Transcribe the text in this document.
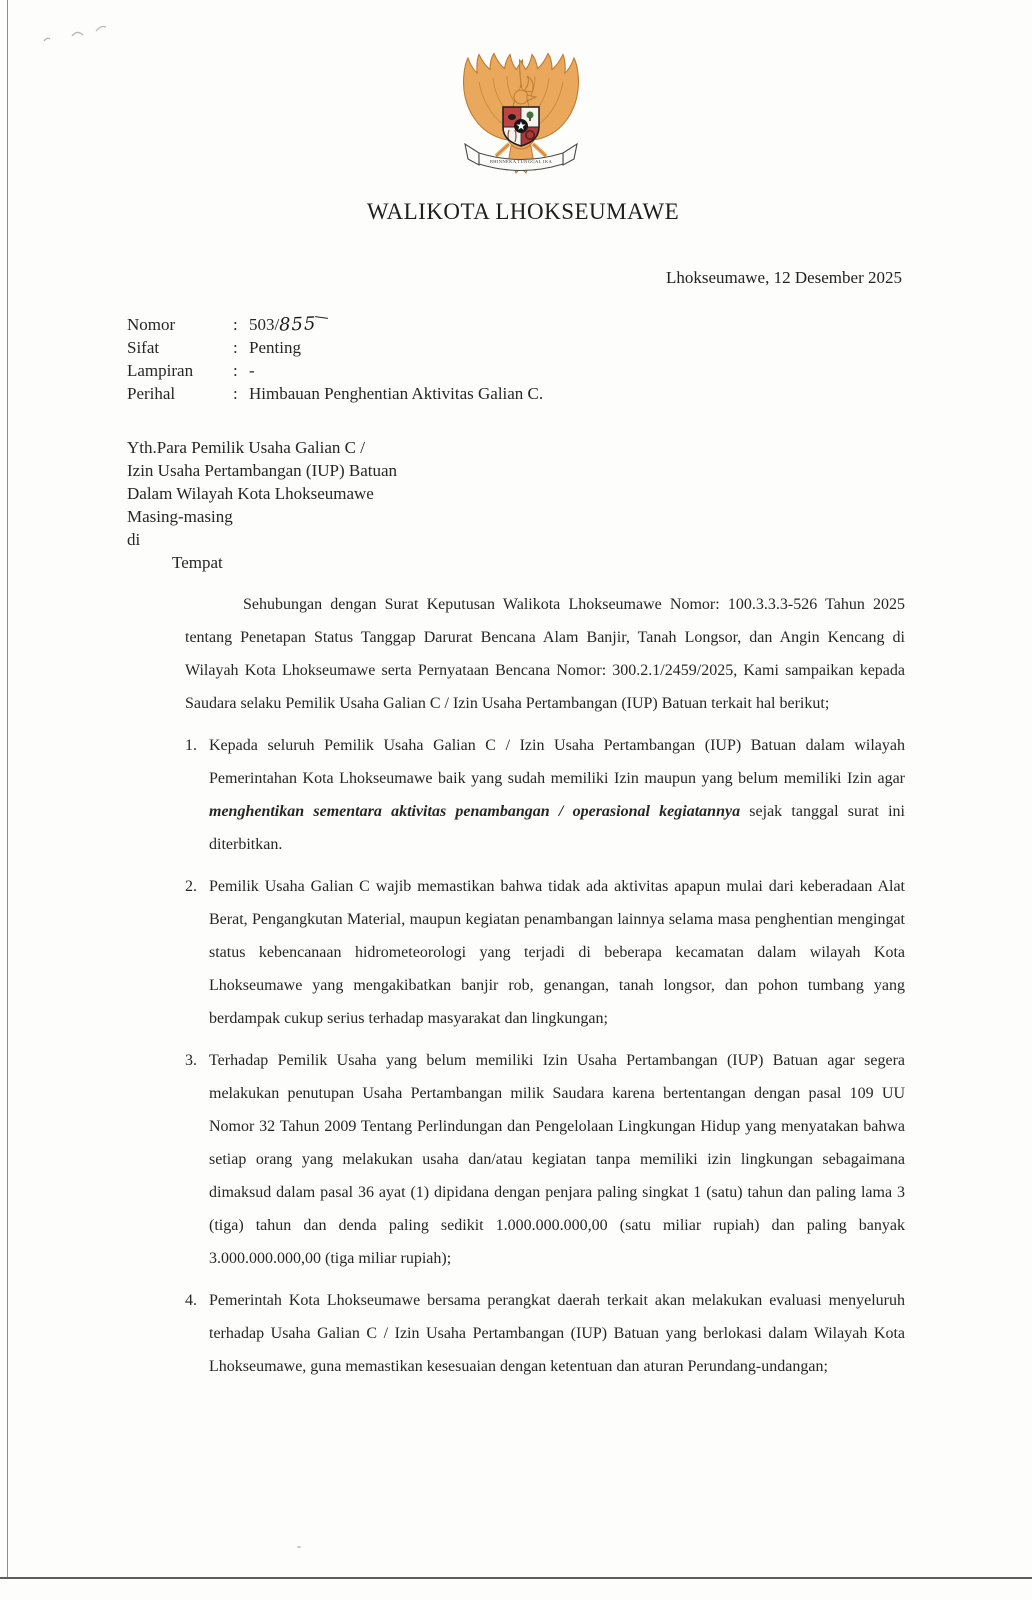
BHINNEKA TUNGGAL IKA
WALIKOTA LHOKSEUMAWE
Lhokseumawe, 12 Desember 2025
Nomor	: 503/ 855
Sifat	: Penting
Lampiran	: -
Perihal	: Himbauan Penghentian Aktivitas Galian C.
Yth.Para Pemilik Usaha Galian C /
Izin Usaha Pertambangan (IUP) Batuan
Dalam Wilayah Kota Lhokseumawe
Masing-masing
di
Tempat

Sehubungan dengan Surat Keputusan Walikota Lhokseumawe Nomor: 100.3.3.3-526 Tahun 2025 tentang Penetapan Status Tanggap Darurat Bencana Alam Banjir, Tanah Longsor, dan Angin Kencang di Wilayah Kota Lhokseumawe serta Pernyataan Bencana Nomor: 300.2.1/2459/2025, Kami sampaikan kepada Saudara selaku Pemilik Usaha Galian C / Izin Usaha Pertambangan (IUP) Batuan terkait hal berikut;

1. Kepada seluruh Pemilik Usaha Galian C / Izin Usaha Pertambangan (IUP) Batuan dalam wilayah Pemerintahan Kota Lhokseumawe baik yang sudah memiliki Izin maupun yang belum memiliki Izin agar menghentikan sementara aktivitas penambangan / operasional kegiatannya sejak tanggal surat ini diterbitkan.
2. Pemilik Usaha Galian C wajib memastikan bahwa tidak ada aktivitas apapun mulai dari keberadaan Alat Berat, Pengangkutan Material, maupun kegiatan penambangan lainnya selama masa penghentian mengingat status kebencanaan hidrometeorologi yang terjadi di beberapa kecamatan dalam wilayah Kota Lhokseumawe yang mengakibatkan banjir rob, genangan, tanah longsor, dan pohon tumbang yang berdampak cukup serius terhadap masyarakat dan lingkungan;
3. Terhadap Pemilik Usaha yang belum memiliki Izin Usaha Pertambangan (IUP) Batuan agar segera melakukan penutupan Usaha Pertambangan milik Saudara karena bertentangan dengan pasal 109 UU Nomor 32 Tahun 2009 Tentang Perlindungan dan Pengelolaan Lingkungan Hidup yang menyatakan bahwa setiap orang yang melakukan usaha dan/atau kegiatan tanpa memiliki izin lingkungan sebagaimana dimaksud dalam pasal 36 ayat (1) dipidana dengan penjara paling singkat 1 (satu) tahun dan paling lama 3 (tiga) tahun dan denda paling sedikit 1.000.000.000,00 (satu miliar rupiah) dan paling banyak 3.000.000.000,00 (tiga miliar rupiah);
4. Pemerintah Kota Lhokseumawe bersama perangkat daerah terkait akan melakukan evaluasi menyeluruh terhadap Usaha Galian C / Izin Usaha Pertambangan (IUP) Batuan yang berlokasi dalam Wilayah Kota Lhokseumawe, guna memastikan kesesuaian dengan ketentuan dan aturan Perundang-undangan;
